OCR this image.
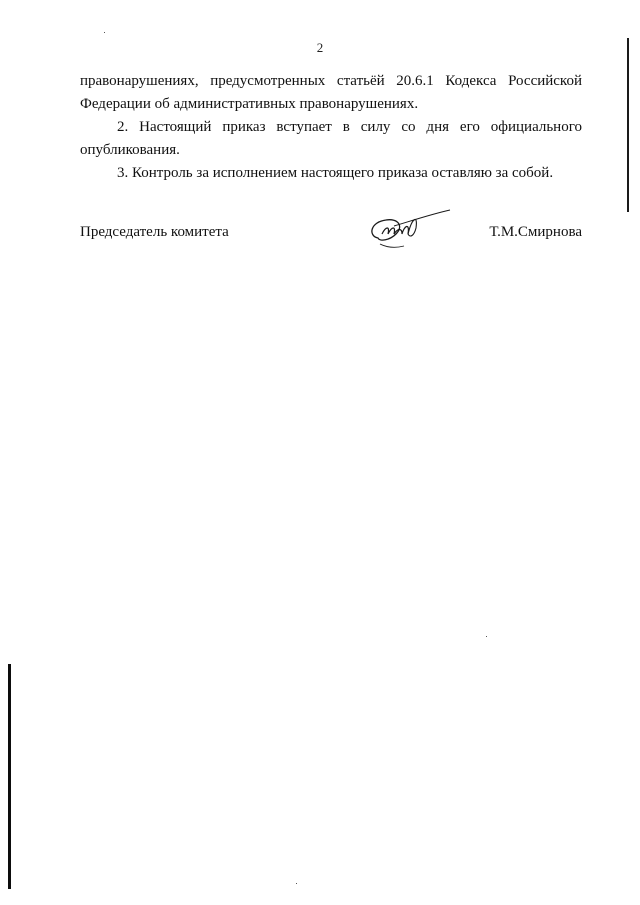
2
правонарушениях, предусмотренных статьёй 20.6.1 Кодекса Российской
Федерации об административных правонарушениях.
2. Настоящий приказ вступает в силу со дня его официального
опубликования.
3. Контроль за исполнением настоящего приказа оставляю за собой.
Председатель комитета	Т.М.Смирнова
